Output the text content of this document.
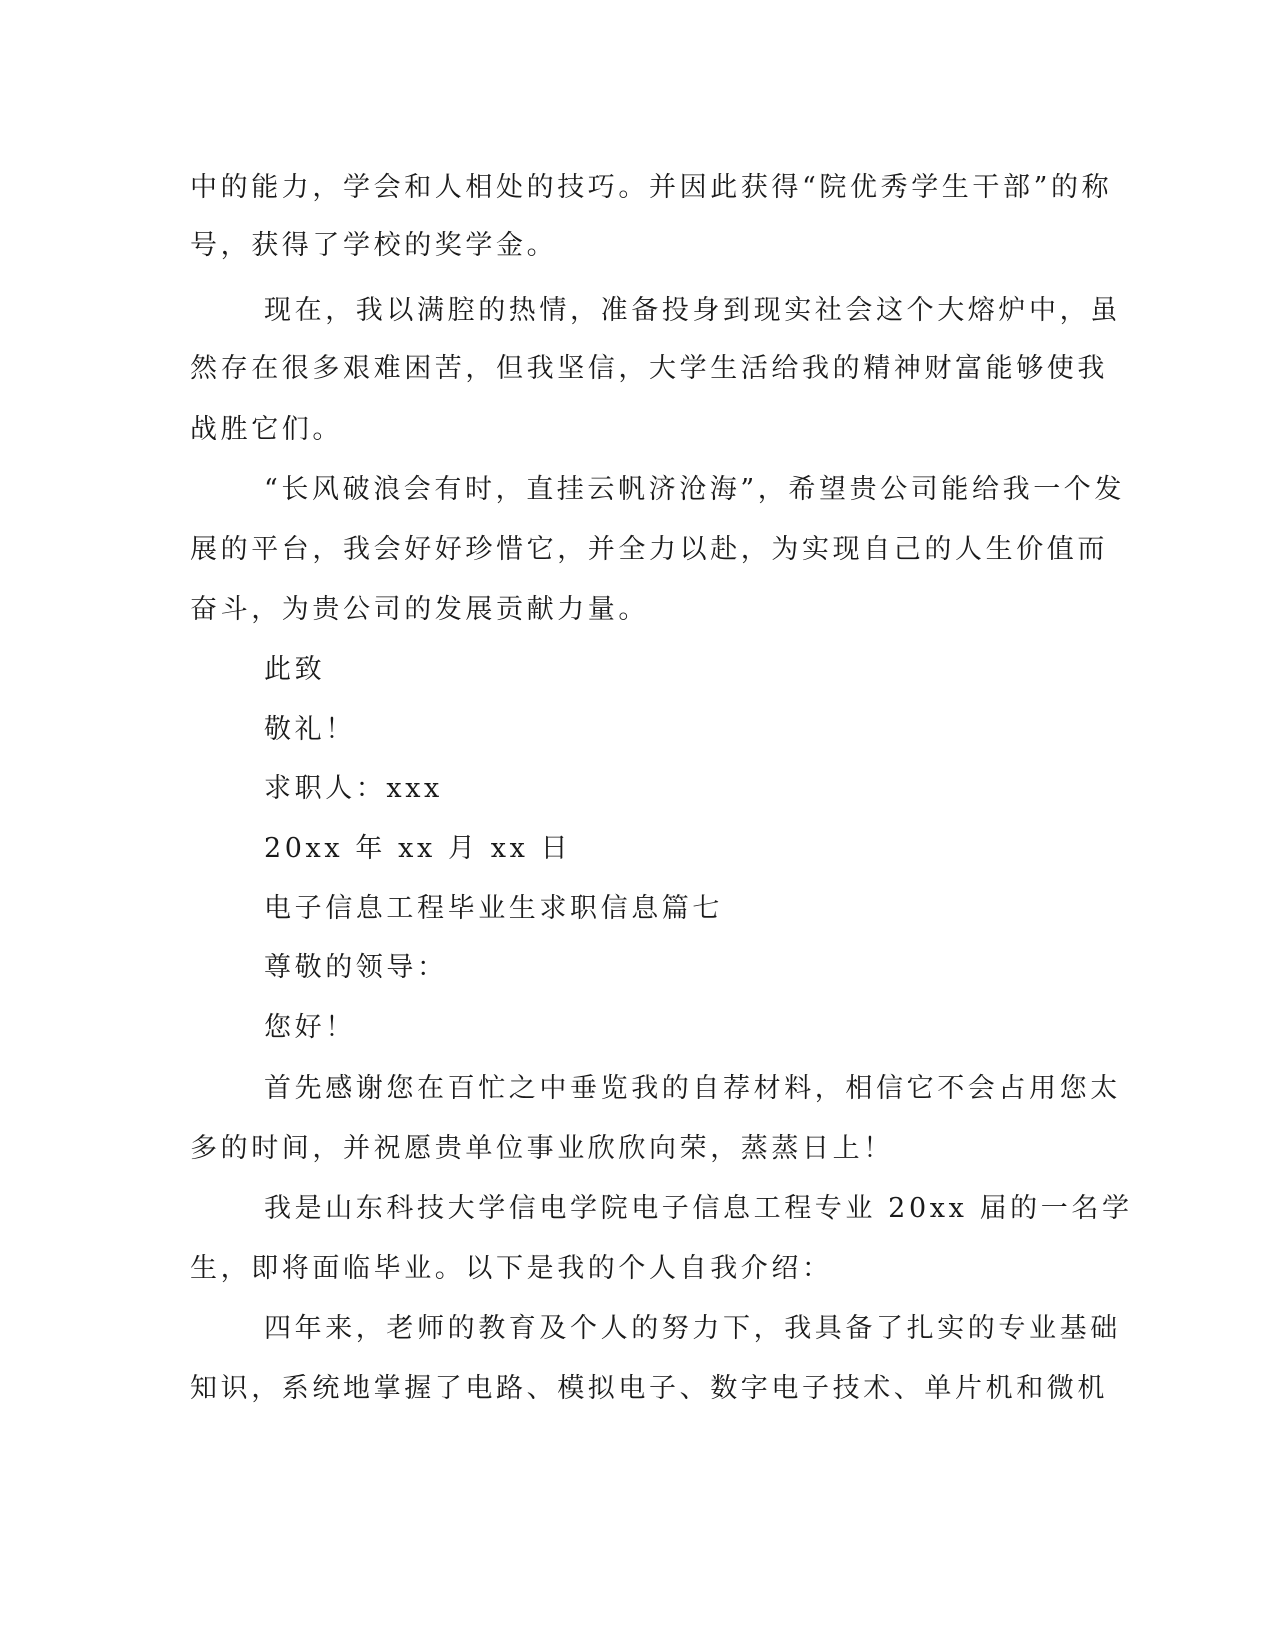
中的能力，学会和人相处的技巧。并因此获得“院优秀学生干部”的称
号，获得了学校的奖学金。
现在，我以满腔的热情，准备投身到现实社会这个大熔炉中，虽
然存在很多艰难困苦，但我坚信，大学生活给我的精神财富能够使我
战胜它们。
“长风破浪会有时，直挂云帆济沧海”，希望贵公司能给我一个发
展的平台，我会好好珍惜它，并全力以赴，为实现自己的人生价值而
奋斗，为贵公司的发展贡献力量。
此致
敬礼！
求职人：xxx
20xx 年 xx 月 xx 日
电子信息工程毕业生求职信息篇七
尊敬的领导：
您好！
首先感谢您在百忙之中垂览我的自荐材料，相信它不会占用您太
多的时间，并祝愿贵单位事业欣欣向荣，蒸蒸日上！
我是山东科技大学信电学院电子信息工程专业 20xx 届的一名学
生，即将面临毕业。以下是我的个人自我介绍：
四年来，老师的教育及个人的努力下，我具备了扎实的专业基础
知识，系统地掌握了电路、模拟电子、数字电子技术、单片机和微机
